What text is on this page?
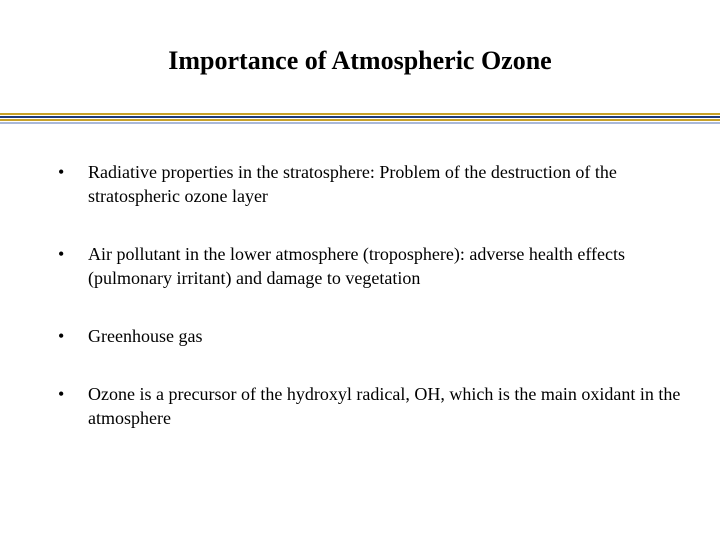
Importance of Atmospheric Ozone
•	Radiative properties in the stratosphere: Problem of the destruction of the stratospheric ozone layer
•	Air pollutant in the lower atmosphere (troposphere): adverse health effects (pulmonary irritant) and damage to vegetation
•	Greenhouse gas
•	Ozone is a precursor of the hydroxyl radical, OH, which is the main oxidant in the atmosphere
